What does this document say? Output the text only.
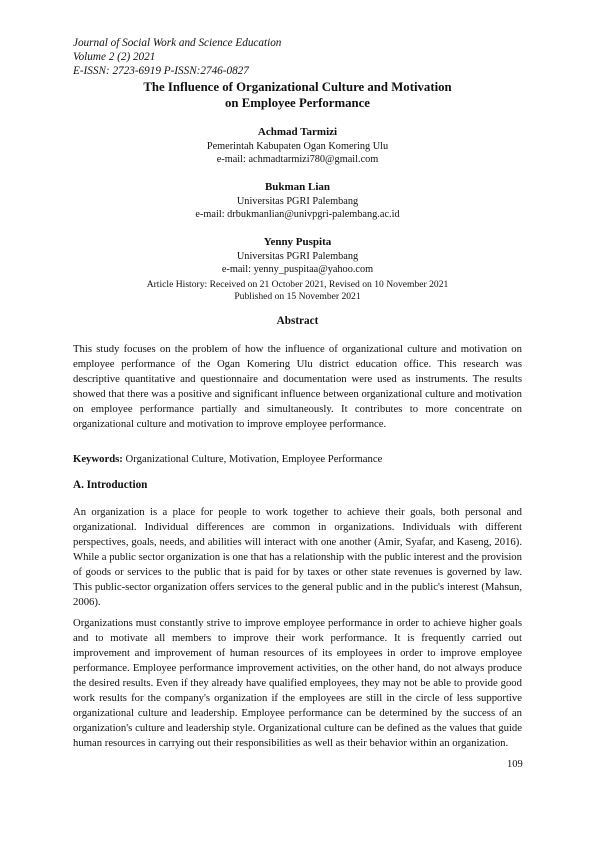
Journal of Social Work and Science Education
Volume 2 (2) 2021
E-ISSN: 2723-6919 P-ISSN:2746-0827
The Influence of Organizational Culture and Motivation
on Employee Performance
Achmad Tarmizi
Pemerintah Kabupaten Ogan Komering Ulu
e-mail: achmadtarmizi780@gmail.com
Bukman Lian
Universitas PGRI Palembang
e-mail: drbukmanlian@univpgri-palembang.ac.id
Yenny Puspita
Universitas PGRI Palembang
e-mail: yenny_puspitaa@yahoo.com
Article History: Received on 21 October 2021, Revised on 10 November 2021
Published on 15 November 2021
Abstract
This study focuses on the problem of how the influence of organizational culture and motivation on employee performance of the Ogan Komering Ulu district education office. This research was descriptive quantitative and questionnaire and documentation were used as instruments. The results showed that there was a positive and significant influence between organizational culture and motivation on employee performance partially and simultaneously. It contributes to more concentrate on organizational culture and motivation to improve employee performance.
Keywords: Organizational Culture, Motivation, Employee Performance
A. Introduction
An organization is a place for people to work together to achieve their goals, both personal and organizational. Individual differences are common in organizations. Individuals with different perspectives, goals, needs, and abilities will interact with one another (Amir, Syafar, and Kaseng, 2016). While a public sector organization is one that has a relationship with the public interest and the provision of goods or services to the public that is paid for by taxes or other state revenues is governed by law. This public-sector organization offers services to the general public and in the public's interest (Mahsun, 2006).
Organizations must constantly strive to improve employee performance in order to achieve higher goals and to motivate all members to improve their work performance. It is frequently carried out improvement and improvement of human resources of its employees in order to improve employee performance. Employee performance improvement activities, on the other hand, do not always produce the desired results. Even if they already have qualified employees, they may not be able to provide good work results for the company's organization if the employees are still in the circle of less supportive organizational culture and leadership. Employee performance can be determined by the success of an organization's culture and leadership style. Organizational culture can be defined as the values that guide human resources in carrying out their responsibilities as well as their behavior within an organization.
109
